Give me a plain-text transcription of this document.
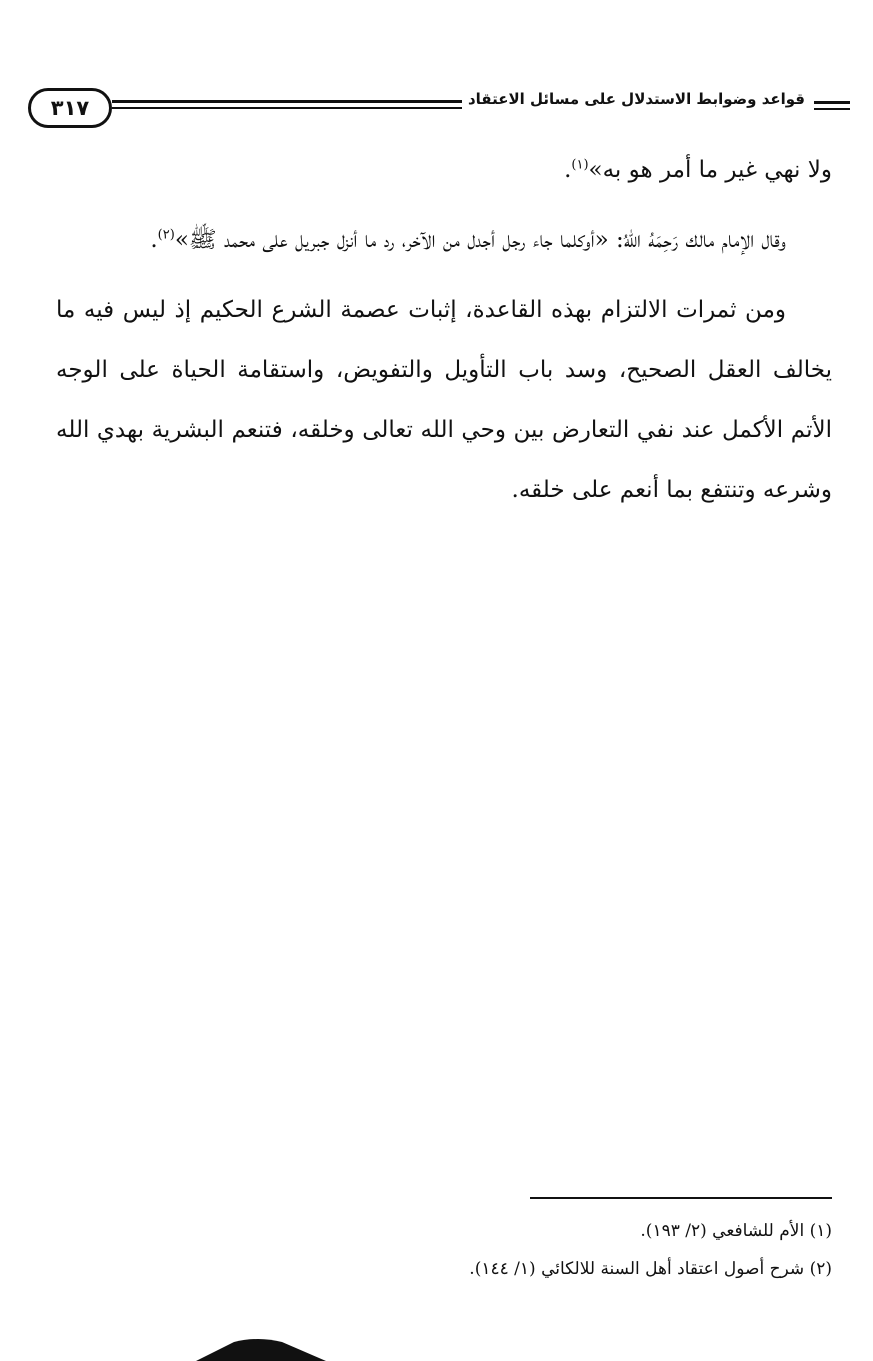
٣١٧	قواعد وضوابط الاستدلال على مسائل الاعتقاد

ولا نهي غير ما أمر هو به»$^{(١)}$.

وقال الإمام مالك رَحِمَهُ اللهُ: «أوكلما جاء رجل أجدل من الآخر، رد ما أنزل جبريل على محمد ﷺ»$^{(٢)}$.

ومن ثمرات الالتزام بهذه القاعدة، إثبات عصمة الشرع الحكيم إذ ليس فيه ما يخالف العقل الصحيح، وسد باب التأويل والتفويض، واستقامة الحياة على الوجه الأتم الأكمل عند نفي التعارض بين وحي الله تعالى وخلقه، فتنعم البشرية بهدي الله وشرعه وتنتفع بما أنعم على خلقه.

(١) الأم للشافعي (٢/ ١٩٣).

(٢) شرح أصول اعتقاد أهل السنة للالكائي (١/ ١٤٤).
